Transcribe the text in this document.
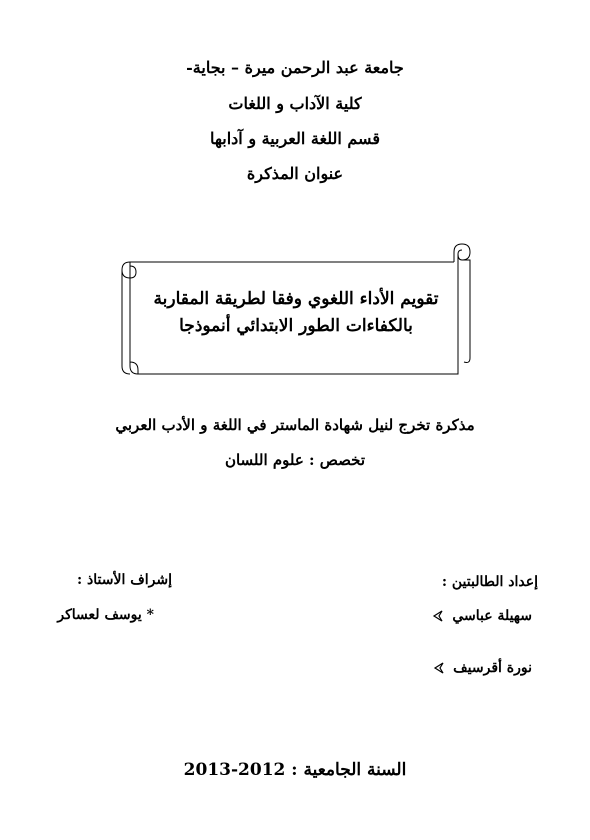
جامعة عبد الرحمن ميرة – بجاية-
كلية الآداب و اللغات
قسم اللغة العربية و آدابها
عنوان المذكرة
تقويم الأداء اللغوي وفقا لطريقة المقاربة
بالكفاءات الطور الابتدائي أنموذجا
مذكرة تخرج لنيل شهادة الماستر في اللغة و الأدب العربي
تخصص : علوم اللسان
إعداد الطالبتين :
إشراف الأستاذ :
* يوسف لعساكر	سهيلة عباسي
نورة أقرسيف
السنة الجامعية : 2012-2013
